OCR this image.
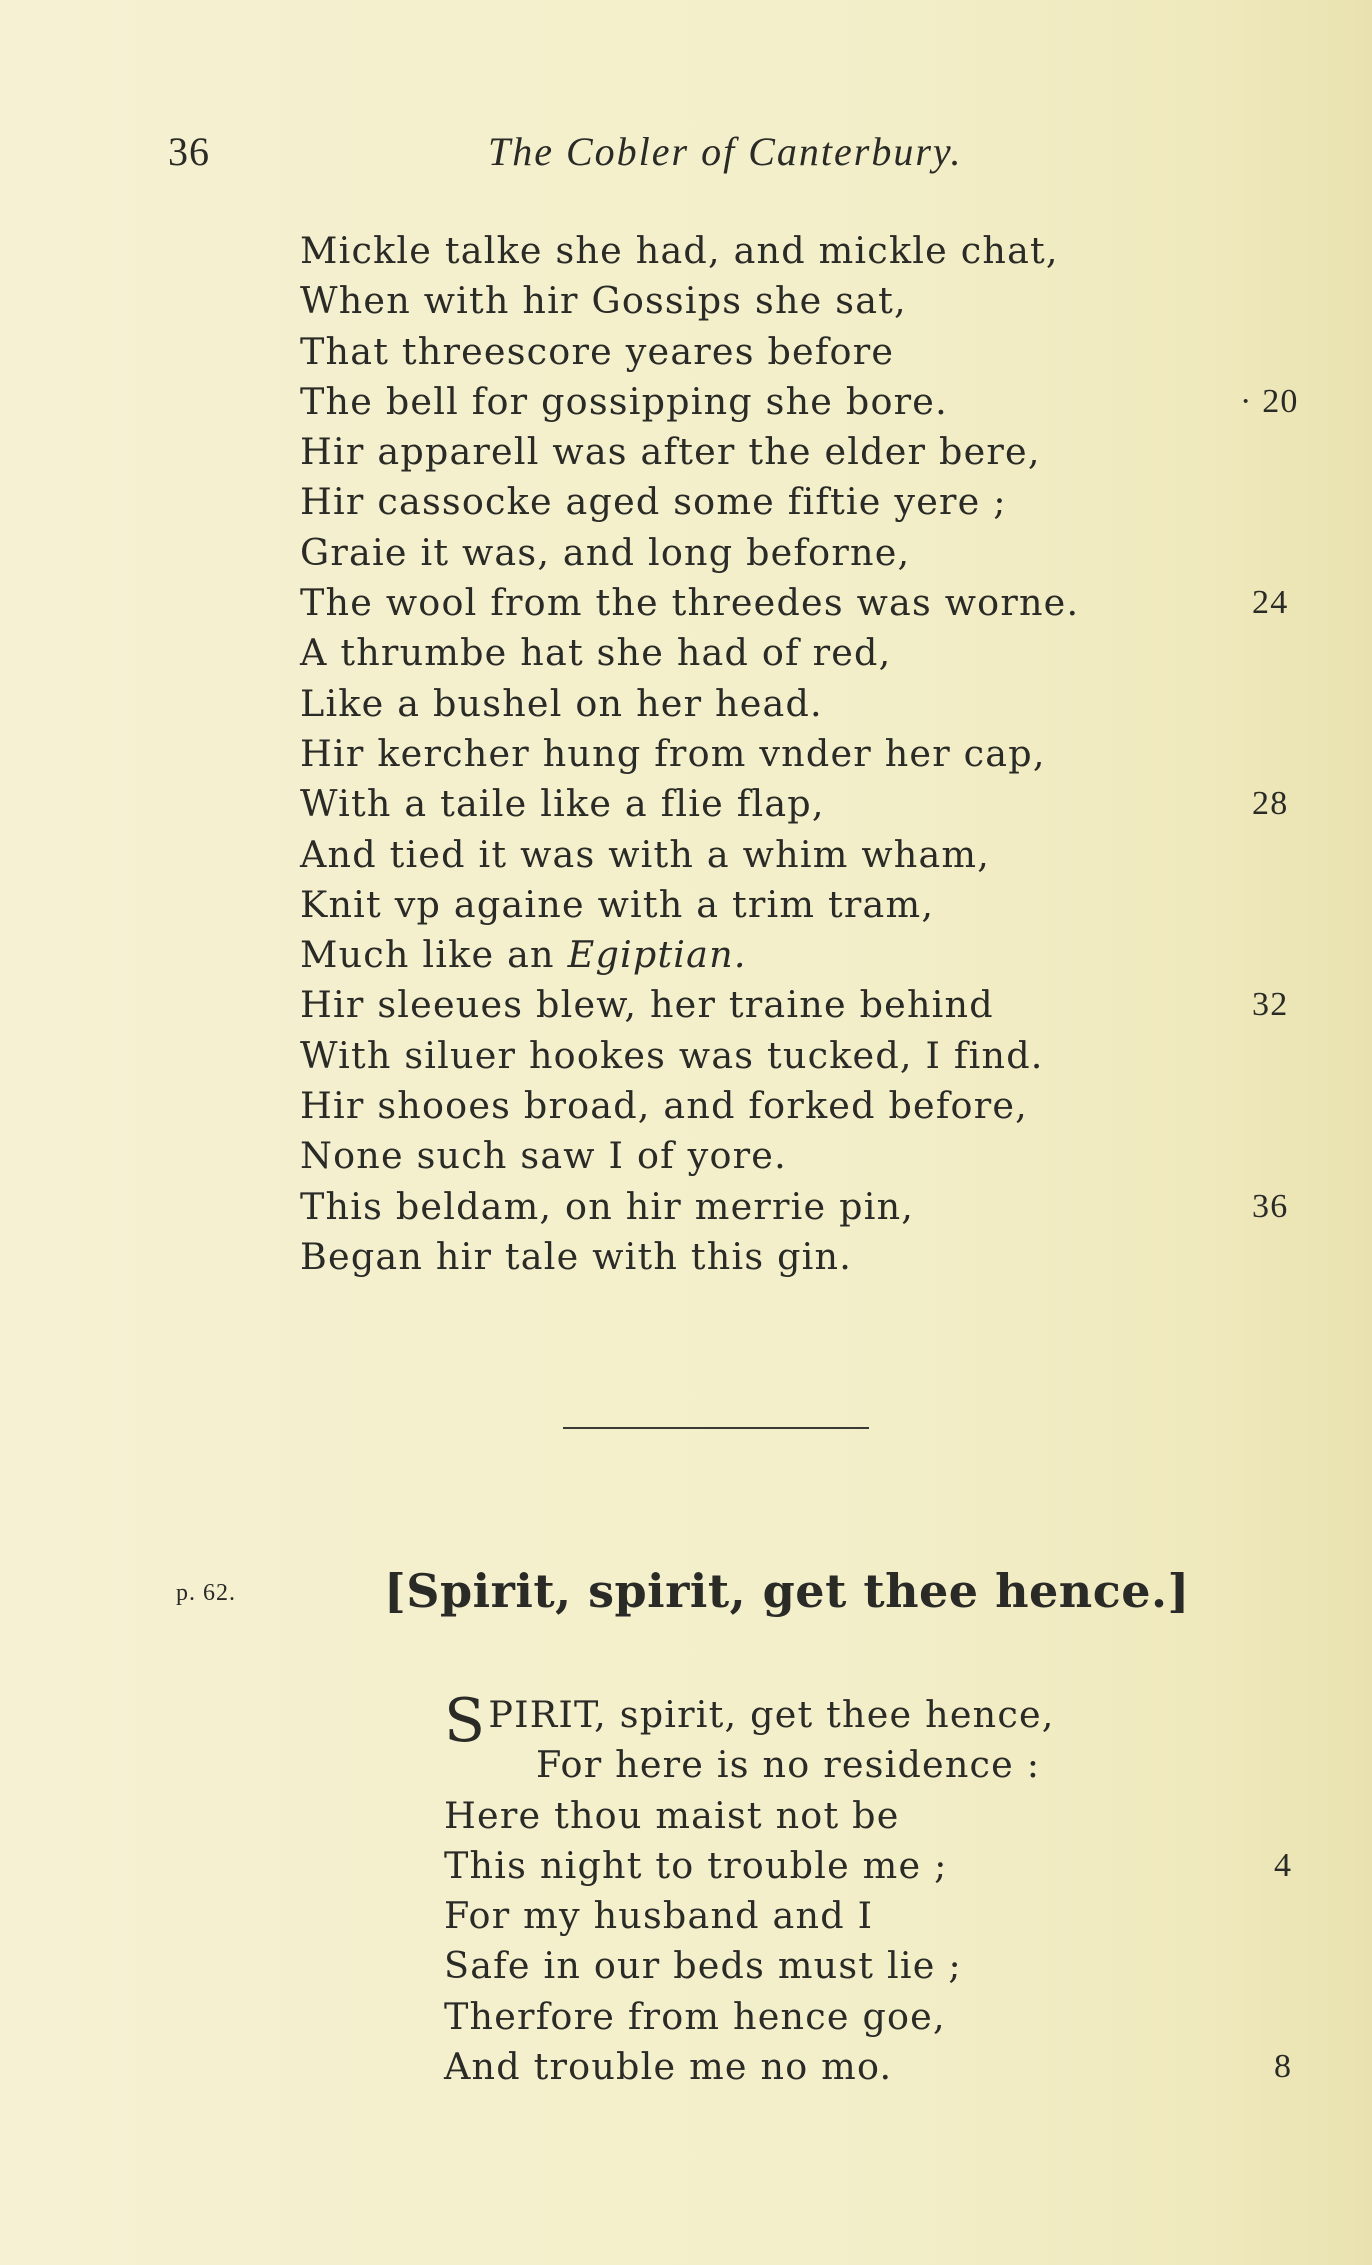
36	The Cobler of Canterbury.
Mickle talke she had, and mickle chat,
When with hir Gossips she sat,
That threescore yeares before
The bell for gossipping she bore.	· 20
Hir apparell was after the elder bere,
Hir cassocke aged some fiftie yere ;
Graie it was, and long beforne,
The wool from the threedes was worne.	24
A thrumbe hat she had of red,
Like a bushel on her head.
Hir kercher hung from vnder her cap,
With a taile like a flie flap,	28
And tied it was with a whim wham,
Knit vp againe with a trim tram,
Much like an Egiptian.
Hir sleeues blew, her traine behind	32
With siluer hookes was tucked, I find.
Hir shooes broad, and forked before,
None such saw I of yore.
This beldam, on hir merrie pin,	36
Began hir tale with this gin.
p. 62.	[Spirit, spirit, get thee hence.]
SPIRIT, spirit, get thee hence,
For here is no residence :
Here thou maist not be
This night to trouble me ;	4
For my husband and I
Safe in our beds must lie ;
Therfore from hence goe,
And trouble me no mo.	8
